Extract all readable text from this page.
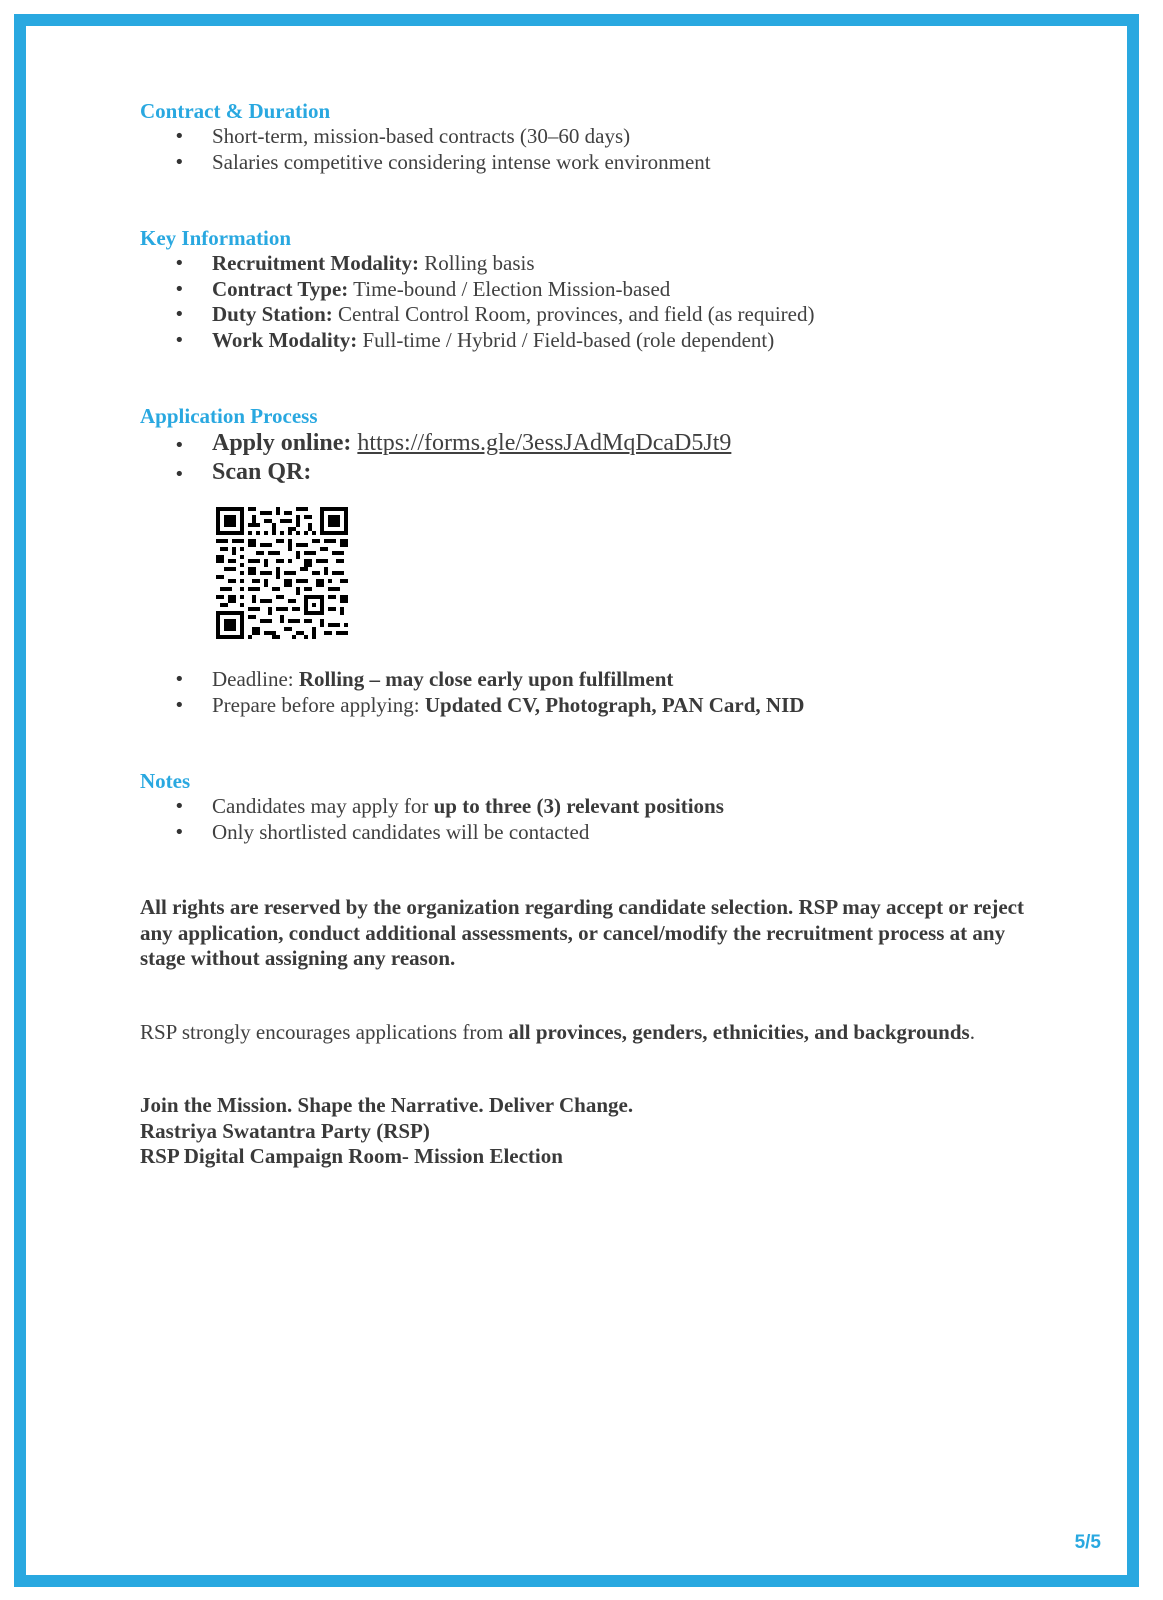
Contract & Duration
• Short-term, mission-based contracts (30–60 days)
• Salaries competitive considering intense work environment
Key Information
• Recruitment Modality: Rolling basis
• Contract Type: Time-bound / Election Mission-based
• Duty Station: Central Control Room, provinces, and field (as required)
• Work Modality: Full-time / Hybrid / Field-based (role dependent)
Application Process
• Apply online: https://forms.gle/3essJAdMqDcaD5Jt9
• Scan QR:
• Deadline: Rolling – may close early upon fulfillment
• Prepare before applying: Updated CV, Photograph, PAN Card, NID
Notes
• Candidates may apply for up to three (3) relevant positions
• Only shortlisted candidates will be contacted

All rights are reserved by the organization regarding candidate selection. RSP may accept or reject any application, conduct additional assessments, or cancel/modify the recruitment process at any stage without assigning any reason.

RSP strongly encourages applications from all provinces, genders, ethnicities, and backgrounds.

Join the Mission. Shape the Narrative. Deliver Change.

Rastriya Swatantra Party (RSP)

RSP Digital Campaign Room- Mission Election

5/5
